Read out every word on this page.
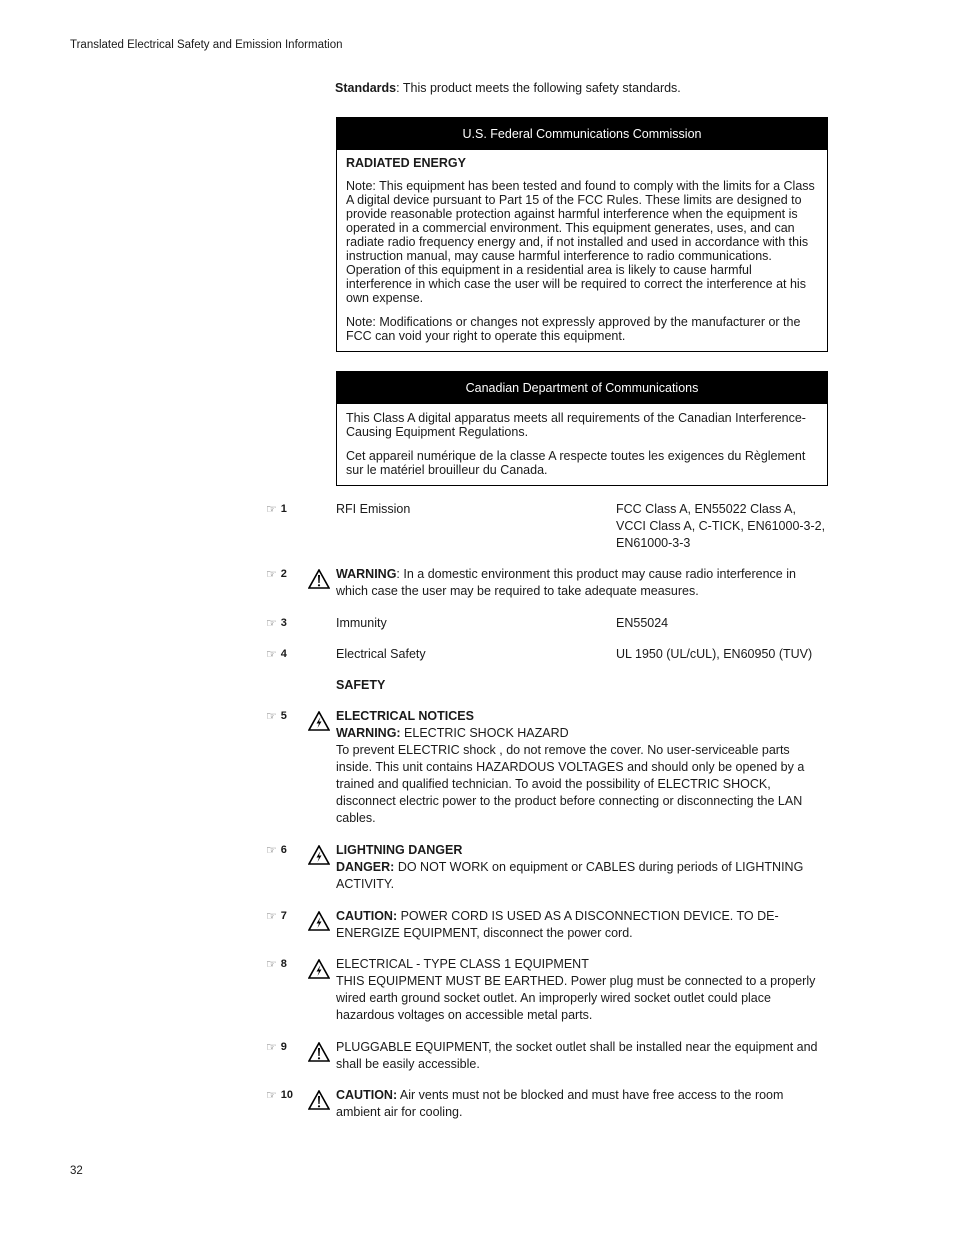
Translated Electrical Safety and Emission Information
Standards: This product meets the following safety standards.
U.S. Federal Communications Commission

RADIATED ENERGY

Note: This equipment has been tested and found to comply with the limits for a Class A digital device pursuant to Part 15 of the FCC Rules. These limits are designed to provide reasonable protection against harmful interference when the equipment is operated in a commercial environment. This equipment generates, uses, and can radiate radio frequency energy and, if not installed and used in accordance with this instruction manual, may cause harmful interference to radio communications. Operation of this equipment in a residential area is likely to cause harmful interference in which case the user will be required to correct the interference at his own expense.

Note: Modifications or changes not expressly approved by the manufacturer or the FCC can void your right to operate this equipment.

Canadian Department of Communications

This Class A digital apparatus meets all requirements of the Canadian Interference-Causing Equipment Regulations.

Cet appareil numérique de la classe A respecte toutes les exigences du Règlement sur le matériel brouilleur du Canada.

☞ 1	RFI Emission	FCC Class A, EN55022 Class A, VCCI Class A, C-TICK, EN61000-3-2, EN61000-3-3
☞ 2	WARNING: In a domestic environment this product may cause radio interference in which case the user may be required to take adequate measures.
☞ 3	Immunity	EN55024
☞ 4	Electrical Safety	UL 1950 (UL/cUL), EN60950 (TUV)
SAFETY
☞ 5	ELECTRICAL NOTICES
WARNING: ELECTRIC SHOCK HAZARD
To prevent ELECTRIC shock , do not remove the cover. No user-serviceable parts inside. This unit contains HAZARDOUS VOLTAGES and should only be opened by a trained and qualified technician. To avoid the possibility of ELECTRIC SHOCK, disconnect electric power to the product before connecting or disconnecting the LAN cables.
☞ 6	LIGHTNING DANGER
DANGER: DO NOT WORK on equipment or CABLES during periods of LIGHTNING ACTIVITY.
☞ 7	CAUTION: POWER CORD IS USED AS A DISCONNECTION DEVICE. TO DE-ENERGIZE EQUIPMENT, disconnect the power cord.
☞ 8	ELECTRICAL - TYPE CLASS 1 EQUIPMENT
THIS EQUIPMENT MUST BE EARTHED. Power plug must be connected to a properly wired earth ground socket outlet. An improperly wired socket outlet could place hazardous voltages on accessible metal parts.
☞ 9	PLUGGABLE EQUIPMENT, the socket outlet shall be installed near the equipment and shall be easily accessible.
☞ 10	CAUTION: Air vents must not be blocked and must have free access to the room ambient air for cooling.
32
